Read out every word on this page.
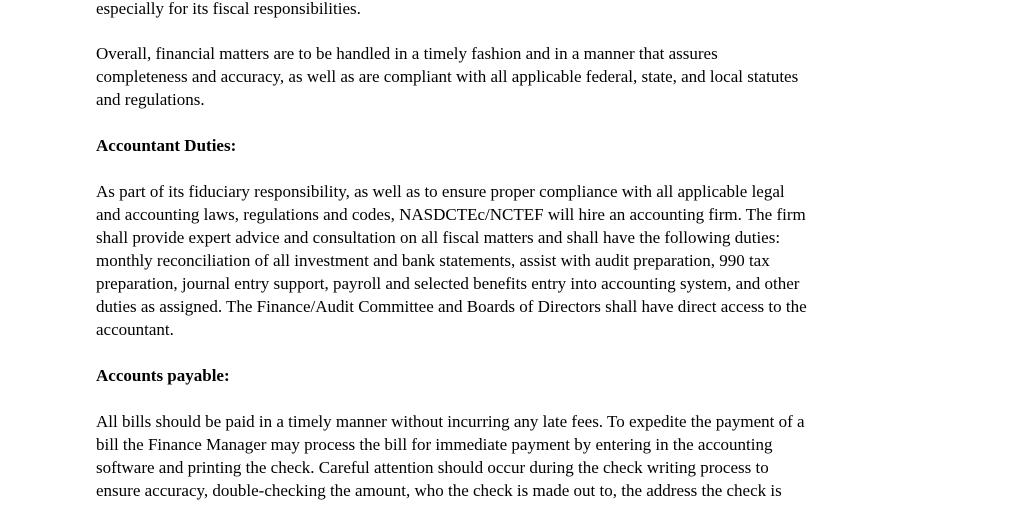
especially for its fiscal responsibilities.
Overall, financial matters are to be handled in a timely fashion and in a manner that assures
completeness and accuracy, as well as are compliant with all applicable federal, state, and local statutes
and regulations.
Accountant Duties:
As part of its fiduciary responsibility, as well as to ensure proper compliance with all applicable legal
and accounting laws, regulations and codes, NASDCTEc/NCTEF will hire an accounting firm. The firm
shall provide expert advice and consultation on all fiscal matters and shall have the following duties:
monthly reconciliation of all investment and bank statements, assist with audit preparation, 990 tax
preparation, journal entry support, payroll and selected benefits entry into accounting system, and other
duties as assigned. The Finance/Audit Committee and Boards of Directors shall have direct access to the
accountant.
Accounts payable:
All bills should be paid in a timely manner without incurring any late fees. To expedite the payment of a
bill the Finance Manager may process the bill for immediate payment by entering in the accounting
software and printing the check. Careful attention should occur during the check writing process to
ensure accuracy, double-checking the amount, who the check is made out to, the address the check is
